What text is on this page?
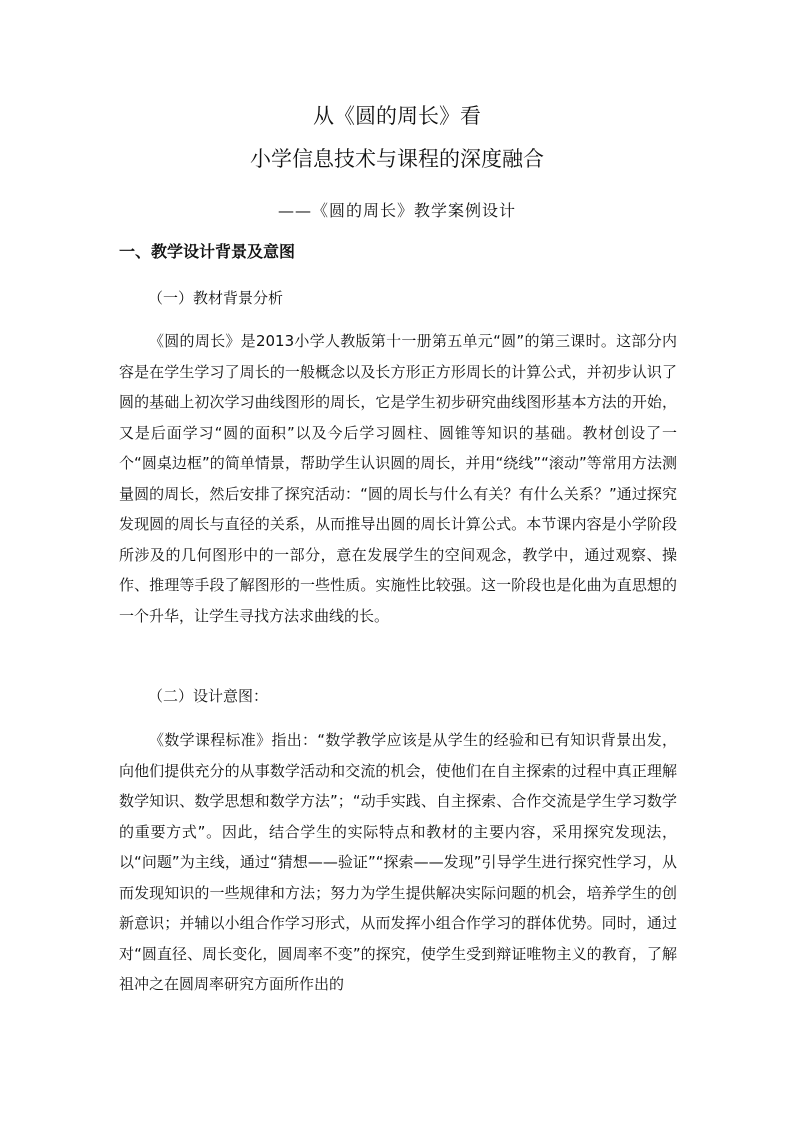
从《圆的周长》看
小学信息技术与课程的深度融合
——《圆的周长》教学案例设计
一、教学设计背景及意图
（一）教材背景分析
《圆的周长》是2013小学人教版第十一册第五单元“圆”的第三课时。这部分内容是在学生学习了周长的一般概念以及长方形正方形周长的计算公式，并初步认识了圆的基础上初次学习曲线图形的周长，它是学生初步研究曲线图形基本方法的开始，又是后面学习“圆的面积”以及今后学习圆柱、圆锥等知识的基础。教材创设了一个“圆桌边框”的简单情景，帮助学生认识圆的周长，并用“绕线”“滚动”等常用方法测量圆的周长，然后安排了探究活动：“圆的周长与什么有关？有什么关系？”通过探究发现圆的周长与直径的关系，从而推导出圆的周长计算公式。本节课内容是小学阶段所涉及的几何图形中的一部分，意在发展学生的空间观念，教学中，通过观察、操作、推理等手段了解图形的一些性质。实施性比较强。这一阶段也是化曲为直思想的一个升华，让学生寻找方法求曲线的长。
（二）设计意图：
《数学课程标准》指出：“数学教学应该是从学生的经验和已有知识背景出发，向他们提供充分的从事数学活动和交流的机会，使他们在自主探索的过程中真正理解数学知识、数学思想和数学方法”；“动手实践、自主探索、合作交流是学生学习数学的重要方式”。因此，结合学生的实际特点和教材的主要内容，采用探究发现法，以“问题”为主线，通过“猜想——验证”“探索——发现”引导学生进行探究性学习，从而发现知识的一些规律和方法；努力为学生提供解决实际问题的机会，培养学生的创新意识；并辅以小组合作学习形式，从而发挥小组合作学习的群体优势。同时，通过对“圆直径、周长变化，圆周率不变”的探究，使学生受到辩证唯物主义的教育，了解祖冲之在圆周率研究方面所作出的
